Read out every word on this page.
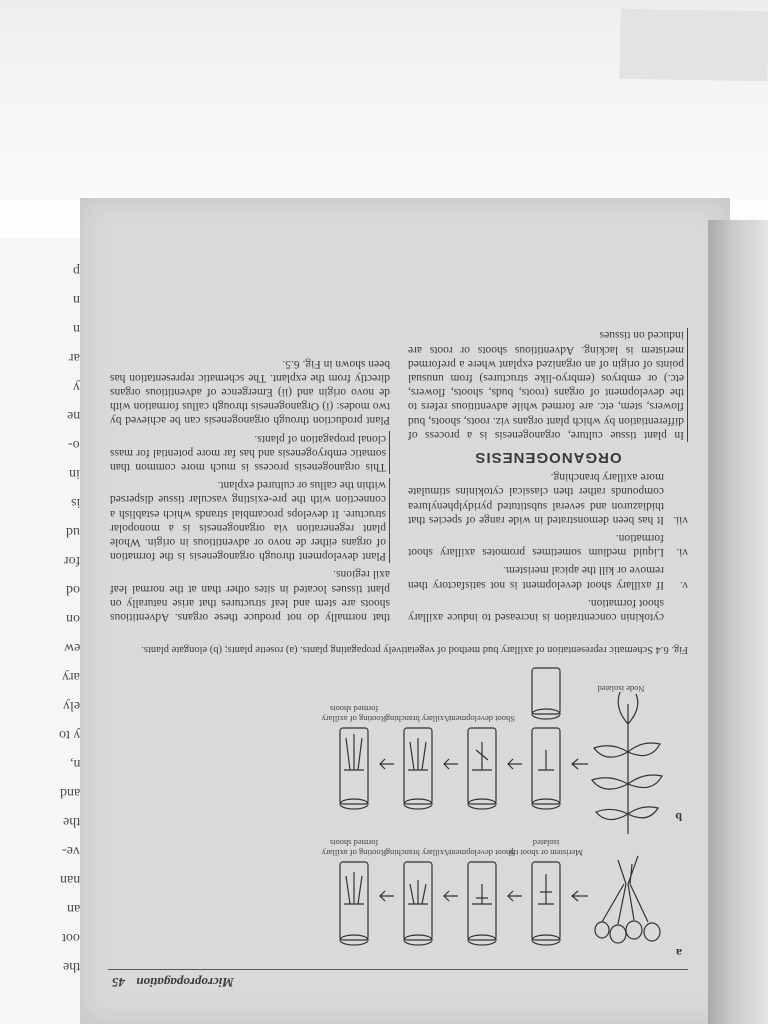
p
n
n
ar
y
ne
o-
in
is
ud
for
od
on
ew
ary
ely
y to
n,
and
the
ve-
nan
an
oot
the
Micropropagation 45
a
b
Meristem or shoot tip isolated
Shoot development
Axillary branching
Rooting of axillary formed shoots
Node isolated
Shoot development
Axillary branching
Rooting of axillary formed shoots
Fig. 6.4 Schematic representation of axillary bud method of vegetatively propagating plants. (a) rosette plants; (b) elongate plants.
cytokinin concentration is increased to induce axillary shoot formation.
v.
If axillary shoot development is not satisfactory then remove or kill the apical meristem.
vi.
Liquid medium sometimes promotes axillary shoot formation.
vii.
It has been demonstrated in wide range of species that thidiazuron and several substituted pyridylphenylurea compounds rather then classical cytokinins stimulate more axillary branching.
ORGANOGENESIS

In plant tissue culture, organogenesis is a process of differentiation by which plant organs viz. roots, shoots, bud flowers, stem, etc. are formed while adventitious refers to the development of organs (roots, buds, shoots, flowers, etc.) or embryos (embryo-like structures) from unusual points of origin of an organized explant where a preformed meristem is lacking. Adventitious shoots or roots are induced on tissues

that normally do not produce these organs. Adventitious shoots are stem and leaf structures that arise naturally on plant tissues located in sites other than at the normal leaf axil regions.

Plant development through organogenesis is the formation of organs either de novo or adventitious in origin. Whole plant regeneration via organogenesis is a monopolar structure. It develops procambial strands which establish a connection with the pre-existing vascular tissue dispersed within the callus or cultured explant.

This organogenesis process is much more common than somatic embryogenesis and has far more potential for mass clonal propagation of plants.

Plant production through organogenesis can be achieved by two modes: (i) Organogenesis through callus formation with de novo origin and (ii) Emergence of adventitious organs directly from the explant. The schematic representation has been shown in Fig. 6.5.
